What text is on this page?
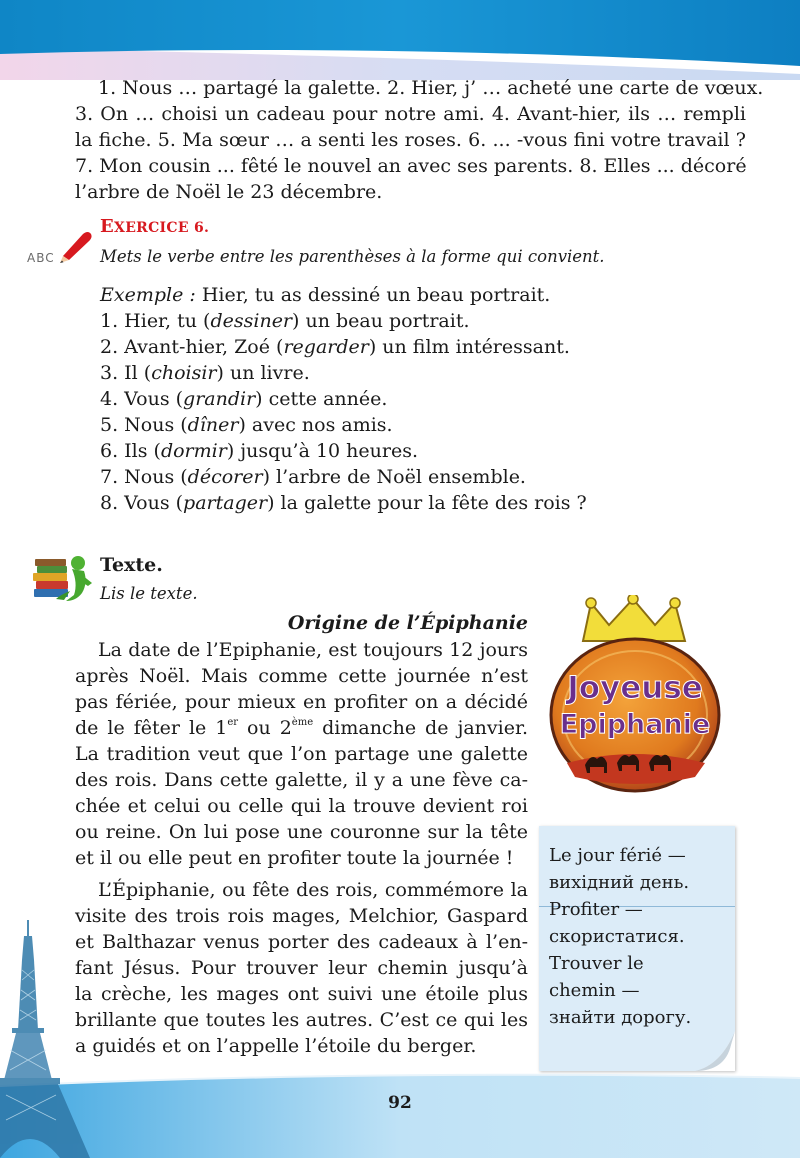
1. Nous … partagé la galette. 2. Hier, j’ … acheté une carte de vœux.
3. On … choisi un cadeau pour notre ami. 4. Avant-hier, ils … rempli
la fiche. 5. Ma sœur … a senti les roses. 6. ... -vous fini votre travail ?
7. Mon cousin ... fêté le nouvel an avec ses parents. 8. Elles ... décoré
l’arbre de Noël le 23 décembre.
ABC
EXERCICE 6.
Mets le verbe entre les parenthèses à la forme qui convient.
Exemple : Hier, tu as dessiné un beau portrait.
1. Hier, tu (dessiner) un beau portrait.
2. Avant-hier, Zoé (regarder) un film intéressant.
3. Il (choisir) un livre.
4. Vous (grandir) cette année.
5. Nous (dîner) avec nos amis.
6. Ils (dormir) jusqu’à 10 heures.
7. Nous (décorer) l’arbre de Noël ensemble.
8. Vous (partager) la galette pour la fête des rois ?
Texte.
Lis le texte.
Origine de l’Épiphanie
La date de l’Epiphanie, est toujours 12 jours
après Noël. Mais comme cette journée n’est
pas fériée, pour mieux en profiter on a décidé
de le fêter le 1er ou 2ème dimanche de janvier.
La tradition veut que l’on partage une galette
des rois. Dans cette galette, il y a une fève ca-
chée et celui ou celle qui la trouve devient roi
ou reine. On lui pose une couronne sur la tête
et il ou elle peut en profiter toute la journée !
L’Épiphanie, ou fête des rois, commémore la
visite des trois rois mages, Melchior, Gaspard
et Balthazar venus porter des cadeaux à l’en-
fant Jésus. Pour trouver leur chemin jusqu’à
la crèche, les mages ont suivi une étoile plus
brillante que toutes les autres. C’est ce qui les
a guidés et on l’appelle l’étoile du berger.
Joyeuse
Epiphanie
Le jour férié —
вихідний день.
Profiter —
скористатися.
Trouver le
chemin —
знайти дорогу.
92
